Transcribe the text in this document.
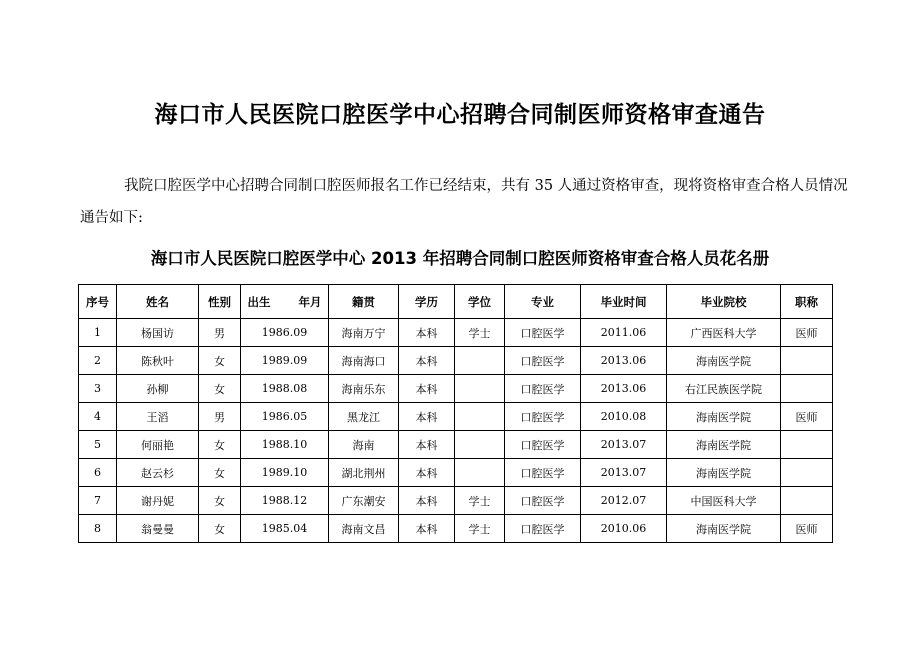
海口市人民医院口腔医学中心招聘合同制医师资格审查通告

我院口腔医学中心招聘合同制口腔医师报名工作已经结束，共有 35 人通过资格审查，现将资格审查合格人员情况通告如下:

海口市人民医院口腔医学中心 2013 年招聘合同制口腔医师资格审查合格人员花名册
序号	姓名	性别	出生 年月	籍贯	学历	学位	专业	毕业时间	毕业院校	职称
1	杨国访	男	1986.09	海南万宁	本科	学士	口腔医学	2011.06	广西医科大学	医师
2	陈秋叶	女	1989.09	海南海口	本科		口腔医学	2013.06	海南医学院	
3	孙柳	女	1988.08	海南乐东	本科		口腔医学	2013.06	右江民族医学院	
4	王滔	男	1986.05	黑龙江	本科		口腔医学	2010.08	海南医学院	医师
5	何丽艳	女	1988.10	海南	本科		口腔医学	2013.07	海南医学院	
6	赵云杉	女	1989.10	湖北荆州	本科		口腔医学	2013.07	海南医学院	
7	谢丹妮	女	1988.12	广东潮安	本科	学士	口腔医学	2012.07	中国医科大学	
8	翁曼曼	女	1985.04	海南文昌	本科	学士	口腔医学	2010.06	海南医学院	医师
